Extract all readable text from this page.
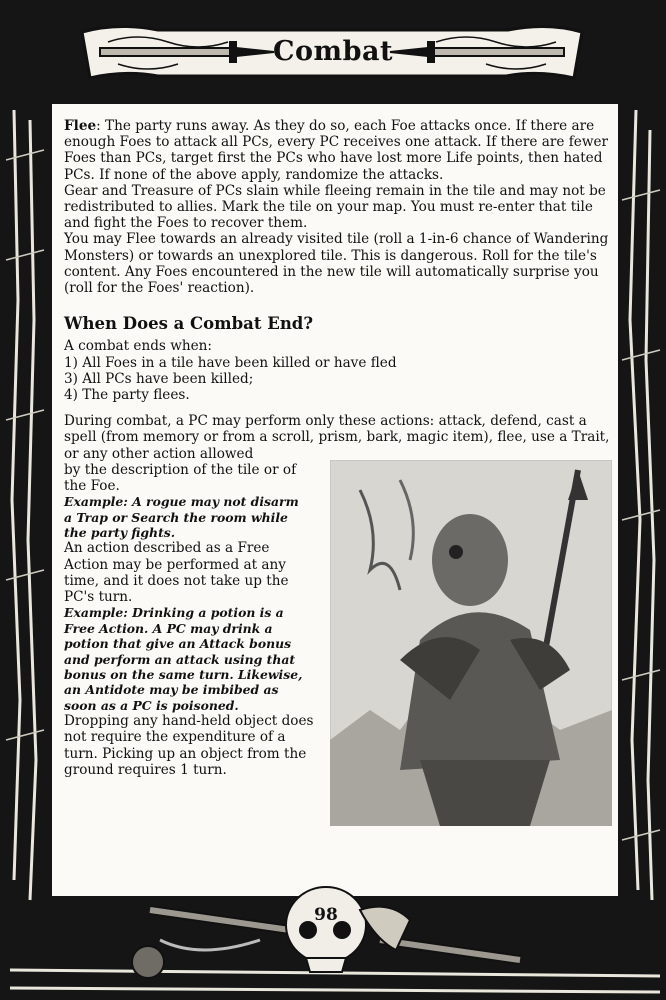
Combat

Flee: The party runs away. As they do so, each Foe attacks once. If there are enough Foes to attack all PCs, every PC receives one attack. If there are fewer Foes than PCs, target first the PCs who have lost more Life points, then hated PCs. If none of the above apply, randomize the attacks.

Gear and Treasure of PCs slain while fleeing remain in the tile and may not be redistributed to allies. Mark the tile on your map. You must re-enter that tile and fight the Foes to recover them.

You may Flee towards an already visited tile (roll a 1-in-6 chance of Wandering Monsters) or towards an unexplored tile. This is dangerous. Roll for the tile's content. Any Foes encountered in the new tile will automatically surprise you (roll for the Foes' reaction).

When Does a Combat End?

A combat ends when:

1) All Foes in a tile have been killed or have fled

3) All PCs have been killed;

4) The party flees.

During combat, a PC may perform only these actions: attack, defend, cast a spell (from memory or from a scroll, prism, bark, magic item), flee, use a Trait, or any other action allowed

by the description of the tile or of the Foe.

Example: A rogue may not disarm a Trap or Search the room while the party fights.

An action described as a Free Action may be performed at any time, and it does not take up the PC's turn.

Example: Drinking a potion is a Free Action. A PC may drink a potion that give an Attack bonus and perform an attack using that bonus on the same turn. Likewise, an Antidote may be imbibed as soon as a PC is poisoned.

Dropping any hand-held object does not require the expenditure of a turn. Picking up an object from the ground requires 1 turn.

98
